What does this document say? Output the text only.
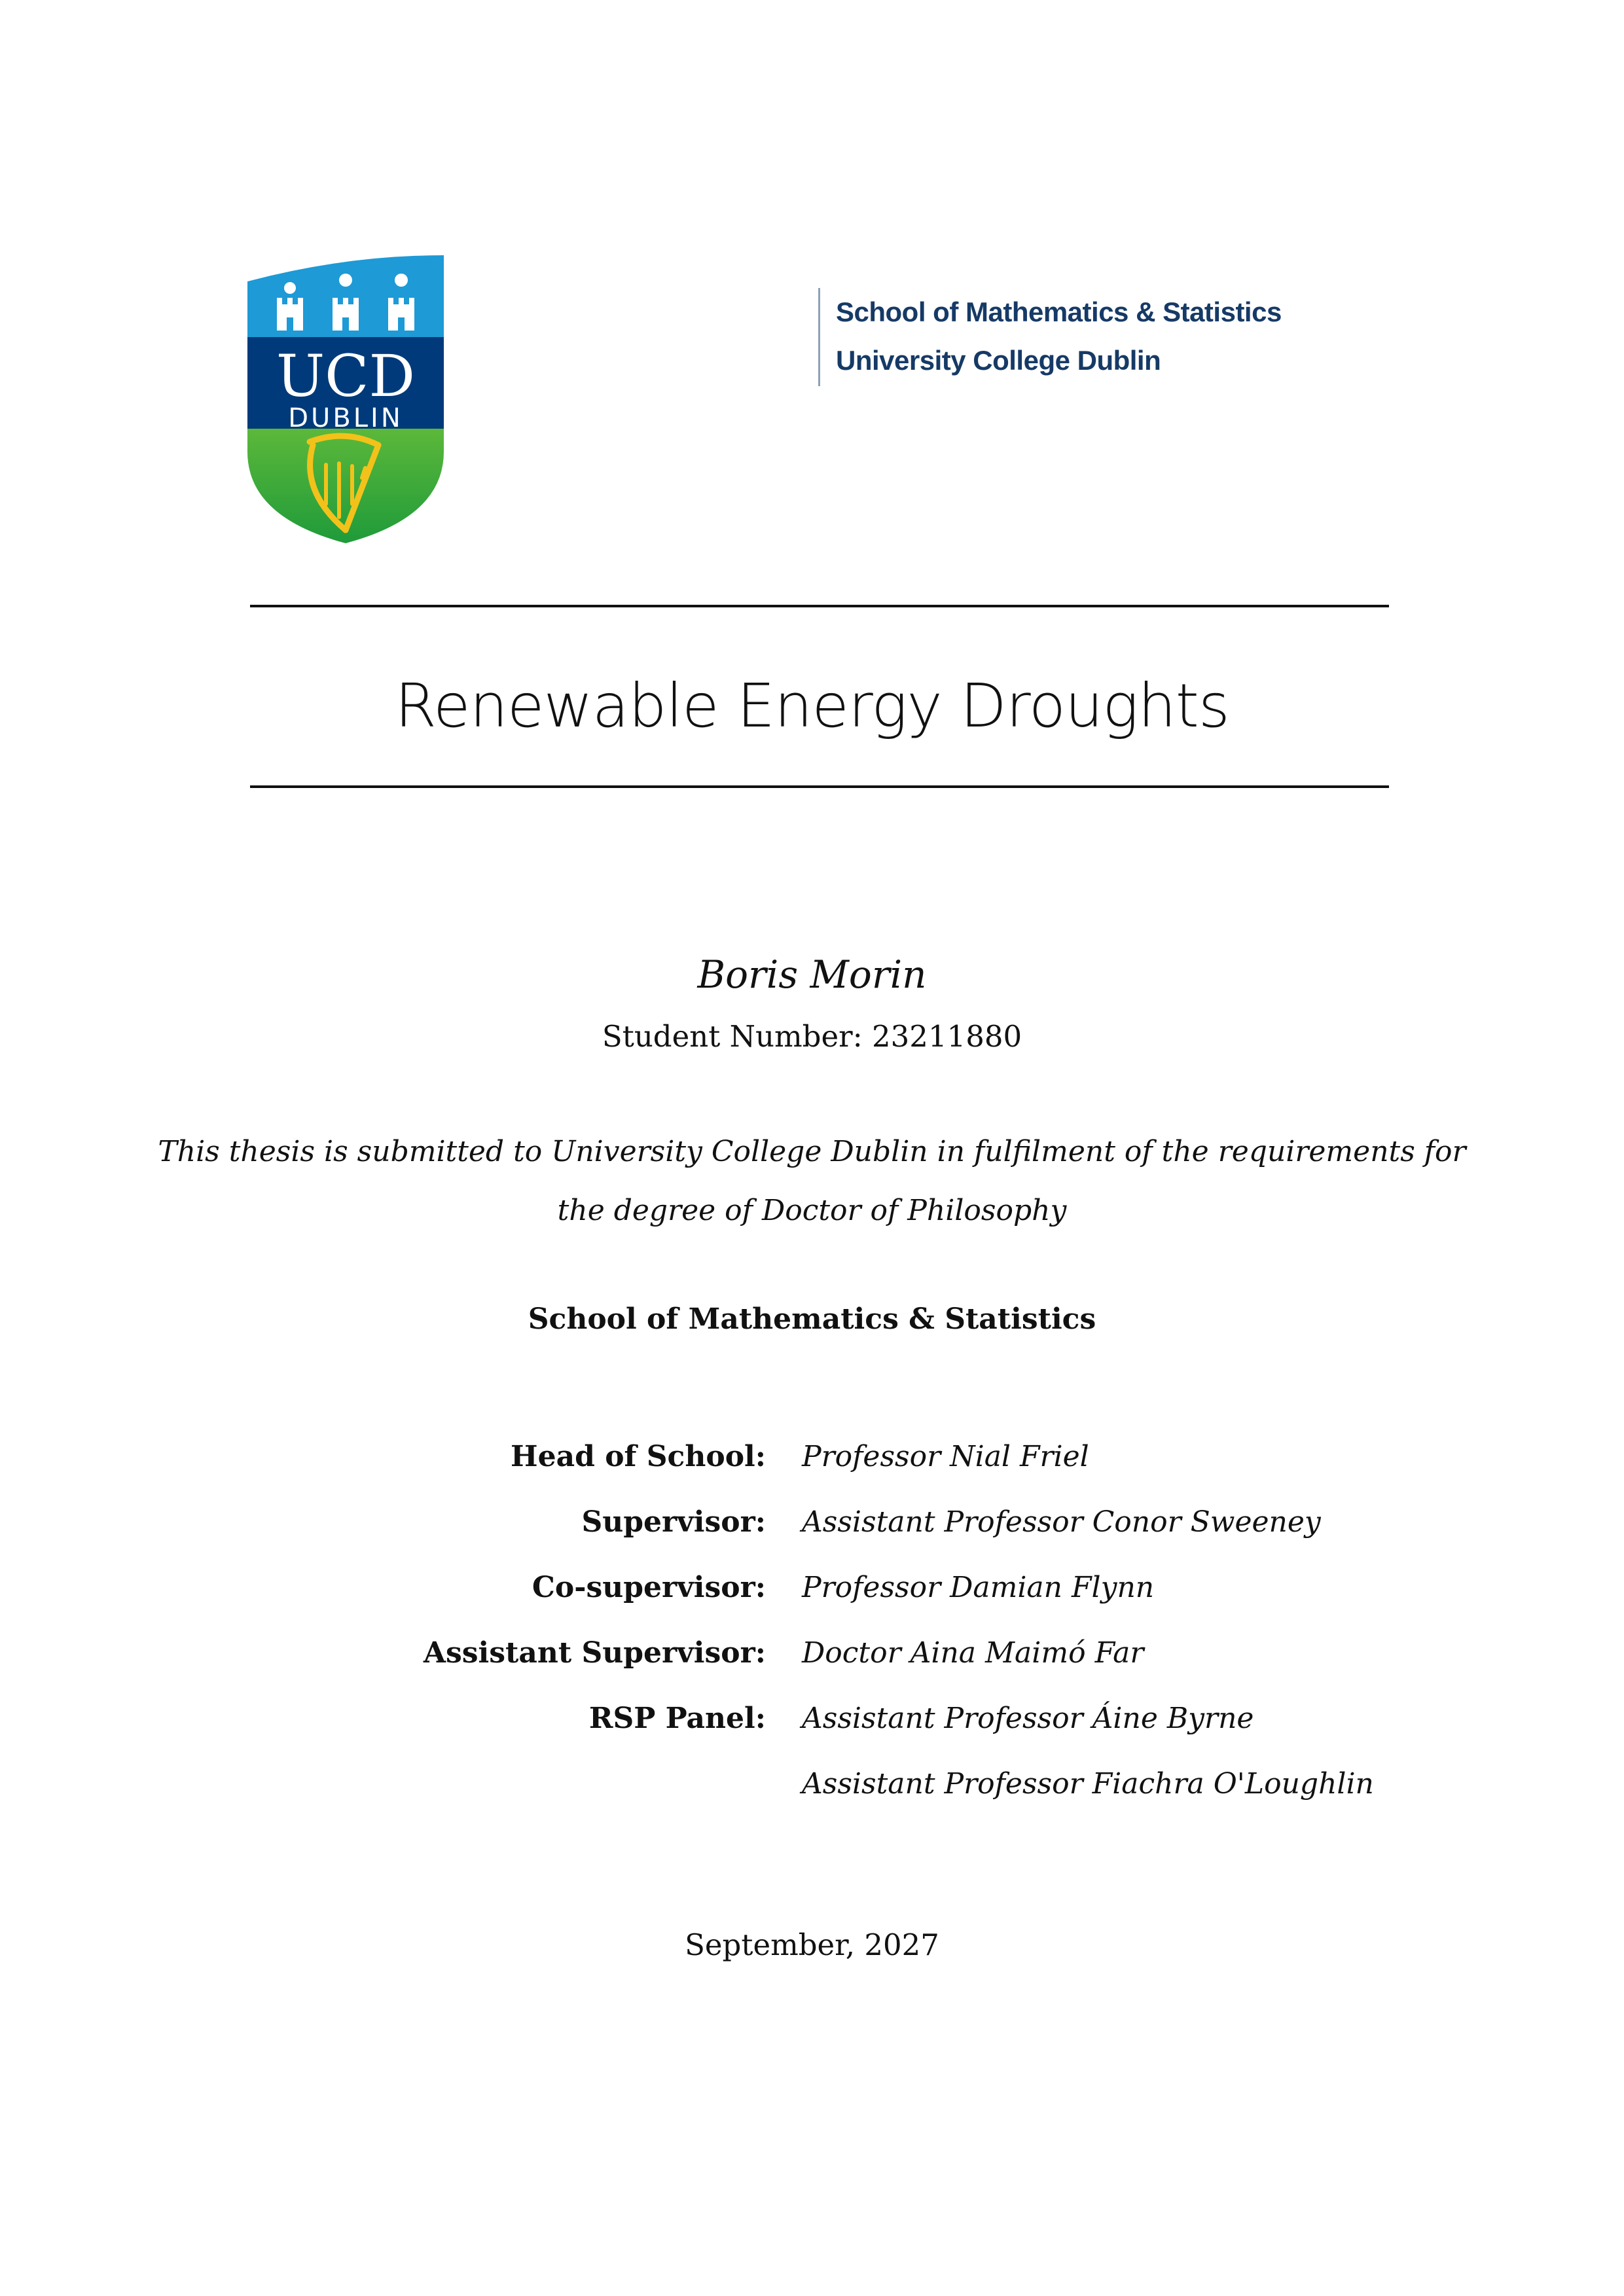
UCD
DUBLIN
School of Mathematics & Statistics
University College Dublin
Renewable Energy Droughts
Boris Morin
Student Number: 23211880
This thesis is submitted to University College Dublin in fulfilment of the requirements for
the degree of Doctor of Philosophy
School of Mathematics & Statistics
Head of School: Professor Nial Friel
Supervisor: Assistant Professor Conor Sweeney
Co-supervisor: Professor Damian Flynn
Assistant Supervisor: Doctor Aina Maimó Far
RSP Panel: Assistant Professor Áine Byrne
Assistant Professor Fiachra O'Loughlin
September, 2027
